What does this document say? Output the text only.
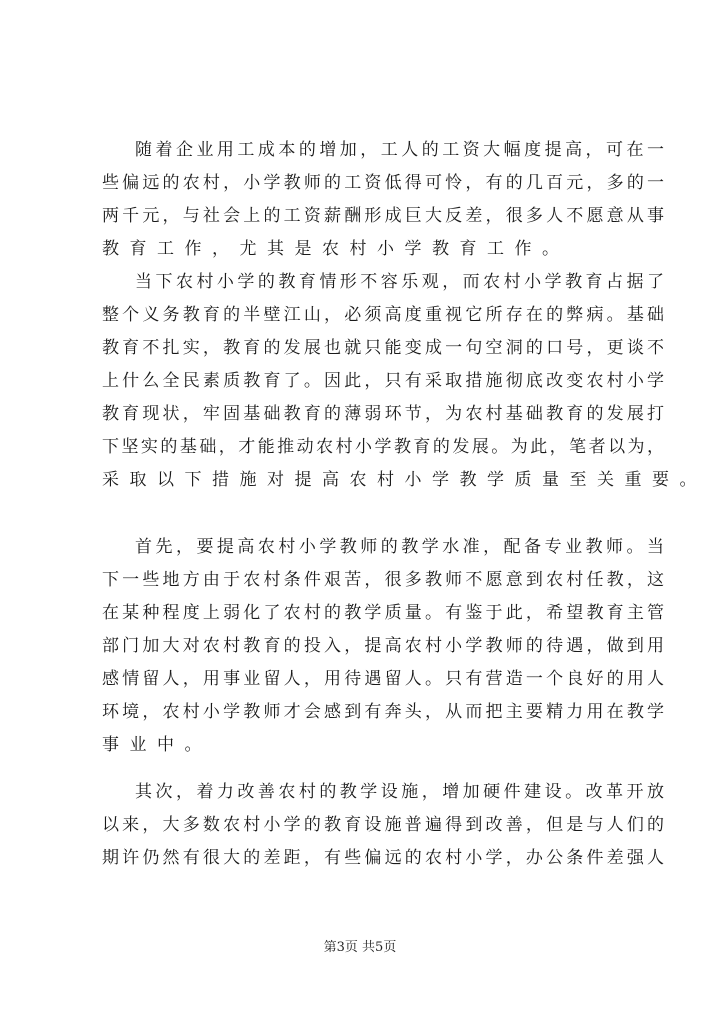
随着企业用工成本的增加，工人的工资大幅度提高，可在一
些偏远的农村，小学教师的工资低得可怜，有的几百元，多的一
两千元，与社会上的工资薪酬形成巨大反差，很多人不愿意从事
教育工作，尤其是农村小学教育工作。
当下农村小学的教育情形不容乐观，而农村小学教育占据了
整个义务教育的半壁江山，必须高度重视它所存在的弊病。基础
教育不扎实，教育的发展也就只能变成一句空洞的口号，更谈不
上什么全民素质教育了。因此，只有采取措施彻底改变农村小学
教育现状，牢固基础教育的薄弱环节，为农村基础教育的发展打
下坚实的基础，才能推动农村小学教育的发展。为此，笔者以为，
采取以下措施对提高农村小学教学质量至关重要。
首先，要提高农村小学教师的教学水准，配备专业教师。当
下一些地方由于农村条件艰苦，很多教师不愿意到农村任教，这
在某种程度上弱化了农村的教学质量。有鉴于此，希望教育主管
部门加大对农村教育的投入，提高农村小学教师的待遇，做到用
感情留人，用事业留人，用待遇留人。只有营造一个良好的用人
环境，农村小学教师才会感到有奔头，从而把主要精力用在教学
事业中。
其次，着力改善农村的教学设施，增加硬件建设。改革开放
以来，大多数农村小学的教育设施普遍得到改善，但是与人们的
期许仍然有很大的差距，有些偏远的农村小学，办公条件差强人
第3页 共5页
